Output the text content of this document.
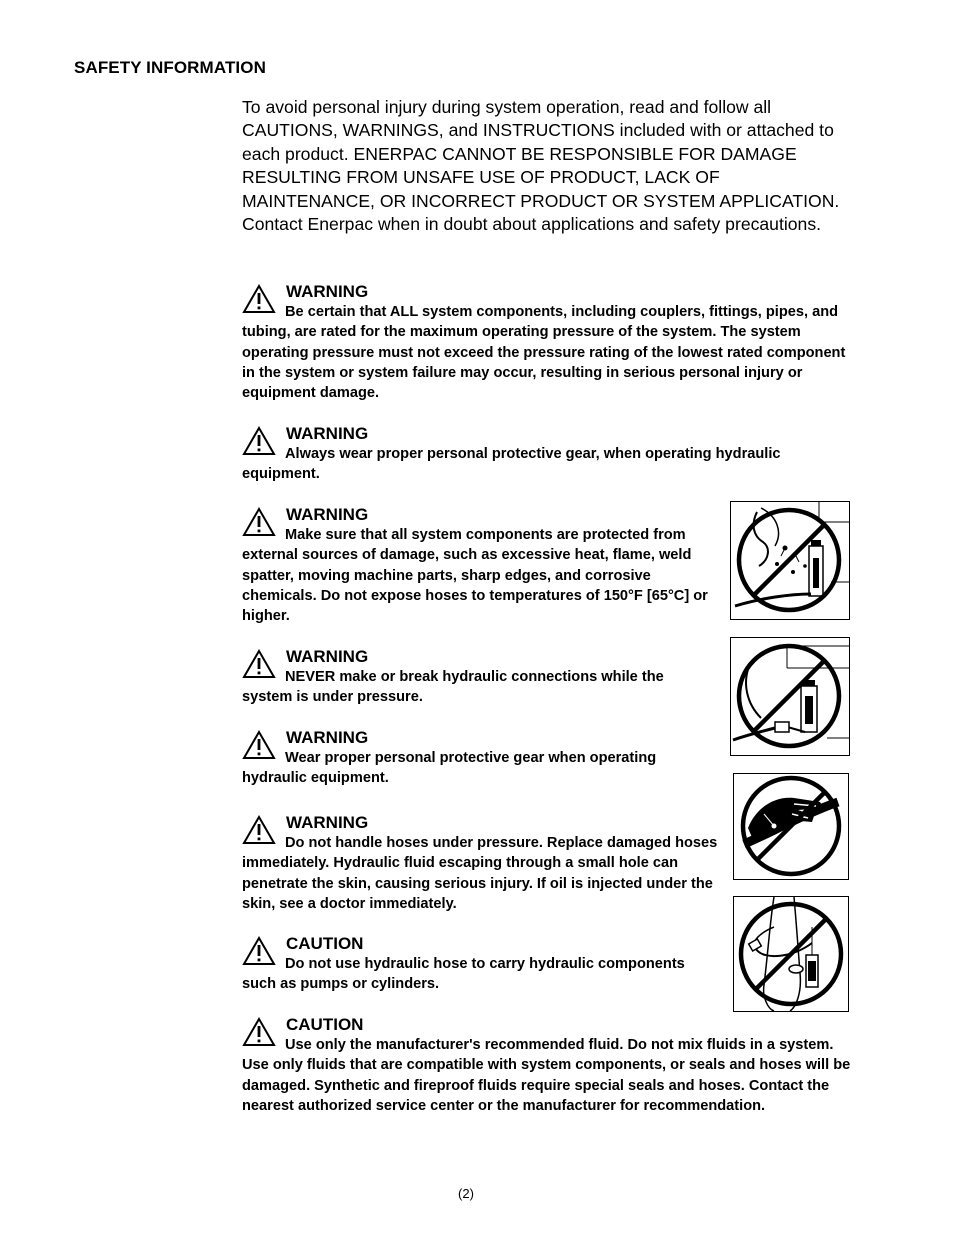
SAFETY INFORMATION

To avoid personal injury during system operation, read and follow all CAUTIONS, WARNINGS, and INSTRUCTIONS included with or attached to each product. ENERPAC CANNOT BE RESPONSIBLE FOR DAMAGE RESULTING FROM UNSAFE USE OF PRODUCT, LACK OF MAINTENANCE, OR INCORRECT PRODUCT OR SYSTEM APPLICATION. Contact Enerpac when in doubt about applications and safety precautions.

WARNING

Be certain that ALL system components, including couplers, fittings, pipes, and tubing, are rated for the maximum operating pressure of the system. The system operating pressure must not exceed the pressure rating of the lowest rated component in the system or system failure may occur, resulting in serious personal injury or equipment damage.

WARNING

Always wear proper personal protective gear, when operating hydraulic equipment.

WARNING

Make sure that all system components are protected from external sources of damage, such as excessive heat, flame, weld spatter, moving machine parts, sharp edges, and corrosive chemicals. Do not expose hoses to temperatures of 150°F [65°C] or higher.

WARNING

NEVER make or break hydraulic connections while the system is under pressure.

WARNING

Wear proper personal protective gear when operating hydraulic equipment.

WARNING

Do not handle hoses under pressure. Replace damaged hoses immediately. Hydraulic fluid escaping through a small hole can penetrate the skin, causing serious injury. If oil is injected under the skin, see a doctor immediately.

CAUTION

Do not use hydraulic hose to carry hydraulic components such as pumps or cylinders.

CAUTION

Use only the manufacturer's recommended fluid. Do not mix fluids in a system. Use only fluids that are compatible with system components, or seals and hoses will be damaged. Synthetic and fireproof fluids require special seals and hoses. Contact the nearest authorized service center or the manufacturer for recommendation.

(2)
